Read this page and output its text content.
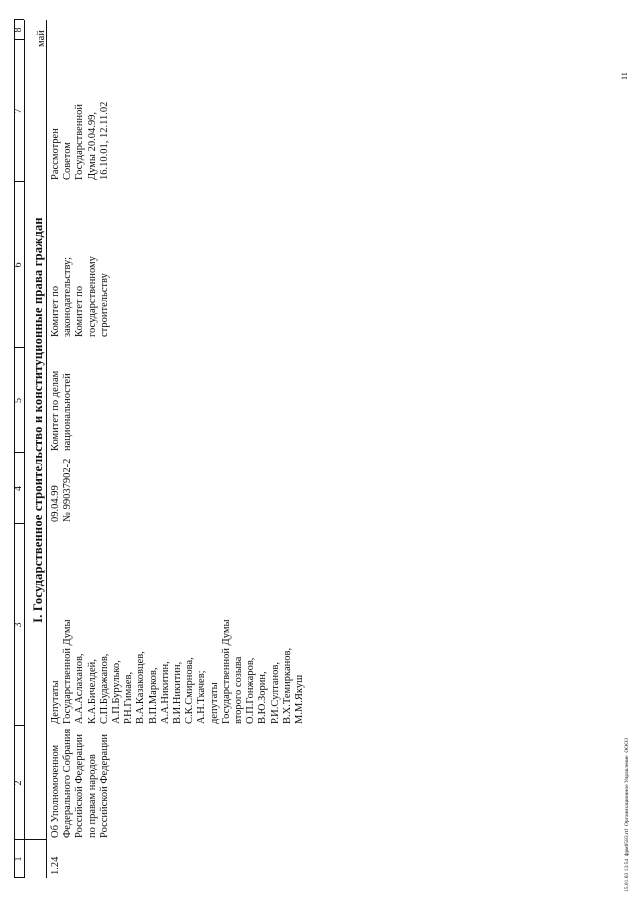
1
2
3
4
5
6
7
8
I. Государственное строительство и конституционные права граждан
1.24
Об Уполномоченном
Федерального Собрания
Российской Федерации
по правам народов
Российской Федерации
Депутаты
Государственной Думы
А.А.Аслаханов,
К.А.Бичелдей,
С.П.Будажапов,
А.П.Бурулько,
Р.Н.Гимаев,
В.А.Казаковцев,
В.П.Марков,
А.А.Никитин,
В.И.Никитин,
С.К.Смирнова,
А.Н.Ткачев;
депутаты
Государственной Думы
второго созыва
О.П.Гонжаров,
В.Ю.Зорин,
Р.И.Султанов,
В.Х.Темирканов,
М.М.Якуш
09.04.99
№ 99037902-2
Комитет по делам
национальностей
Комитет по
законодательству;
Комитет по
государственному
строительству
Рассмотрен
Советом
Государственной
Думы 20.04.99,
16.10.01, 12.11.02
май
15.01.03 13:54  фрм0583.rtf  Организационное Управление  ООО3
11
